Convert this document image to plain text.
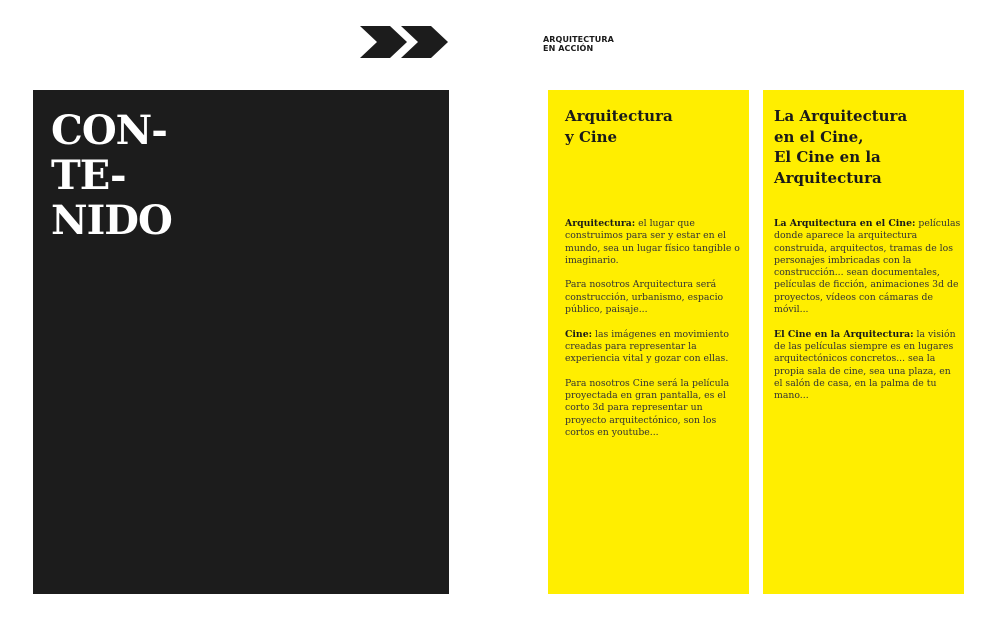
ARQUITECTURA
EN ACCIÓN
CON-
TE-
NIDO
Arquitectura
y Cine

Arquitectura: el lugar que construimos para ser y estar en el mundo, sea un lugar físico tangible o imaginario.

Para nosotros Arquitectura será construcción, urbanismo, espacio público, paisaje...

Cine: las imágenes en movimiento creadas para representar la experiencia vital y gozar con ellas.

Para nosotros Cine será la película proyectada en gran pantalla, es el corto 3d para representar un proyecto arquitectónico, son los cortos en youtube...

La Arquitectura
en el Cine,
El Cine en la
Arquitectura

La Arquitectura en el Cine: películas donde aparece la arquitectura construida, arquitectos, tramas de los personajes imbricadas con la construcción... sean documentales, películas de ficción, animaciones 3d de proyectos, vídeos con cámaras de móvil...

El Cine en la Arquitectura: la visión de las películas siempre es en lugares arquitectónicos concretos... sea la propia sala de cine, sea una plaza, en el salón de casa, en la palma de tu mano...
